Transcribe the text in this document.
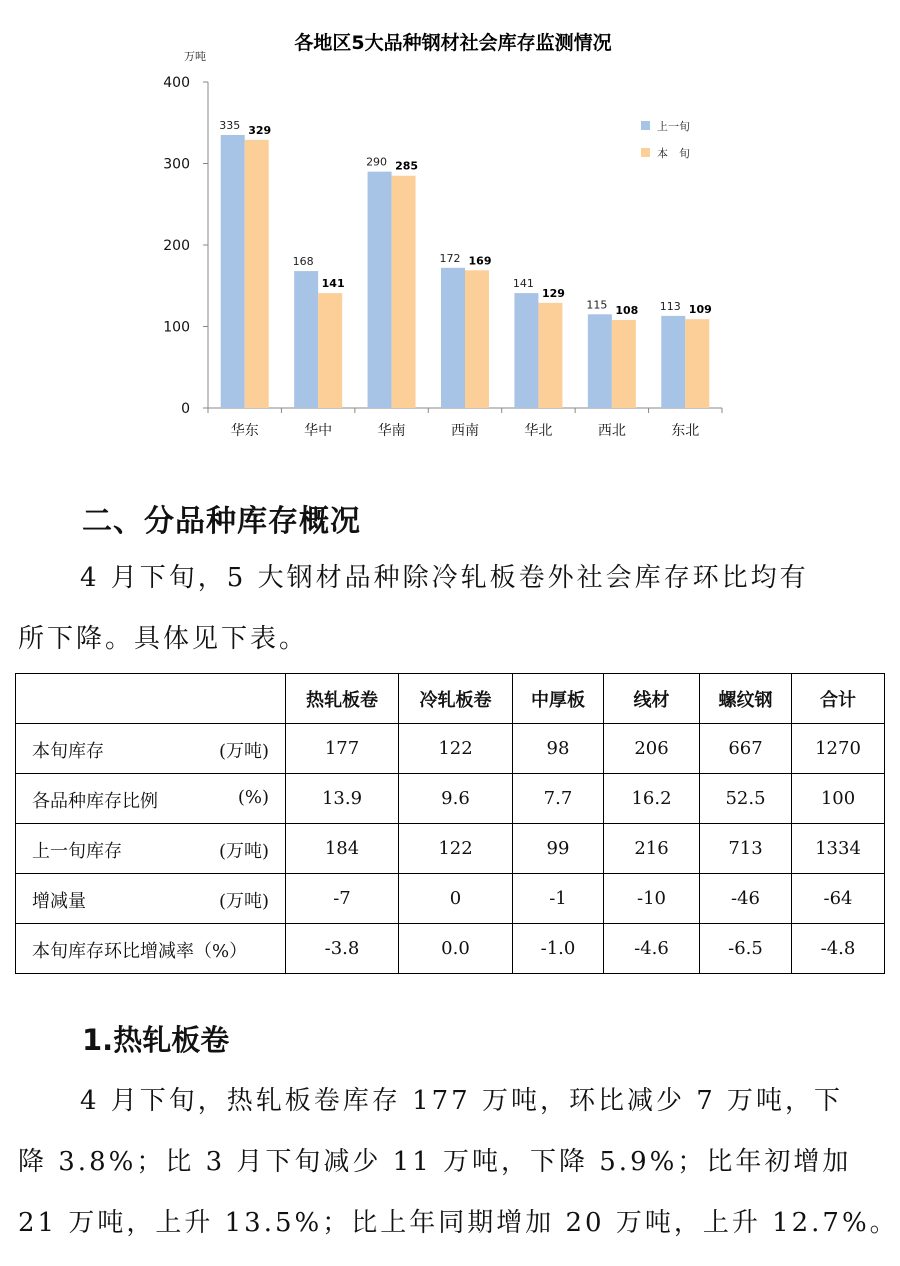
各地区5大品种钢材社会库存监测情况
万吨
0
100
200
300
400
华东	华中	华南	西南	华北	西北	东北
335 329
168
141
290 285
172 169
141
129
115 108 113 109
上一旬
本　旬
二、分品种库存概况

4 月下旬，5 大钢材品种除冷轧板卷外社会库存环比均有
所下降。具体见下表。

	热轧板卷	冷轧板卷	中厚板	线材	螺纹钢	合计

本旬库存 (万吨)	177	122	98	206	667	1270

各品种库存比例 (%)	13.9	9.6	7.7	16.2	52.5	100

上一旬库存 (万吨)	184	122	99	216	713	1334

增减量 (万吨)	-7	0	-1	-10	-46	-64

本旬库存环比增减率（%）	-3.8	0.0	-1.0	-4.6	-6.5	-4.8
1.热轧板卷

4 月下旬，热轧板卷库存 177 万吨，环比减少 7 万吨，下
降 3.8%；比 3 月下旬减少 11 万吨，下降 5.9%；比年初增加
21 万吨，上升 13.5%；比上年同期增加 20 万吨，上升 12.7%。
